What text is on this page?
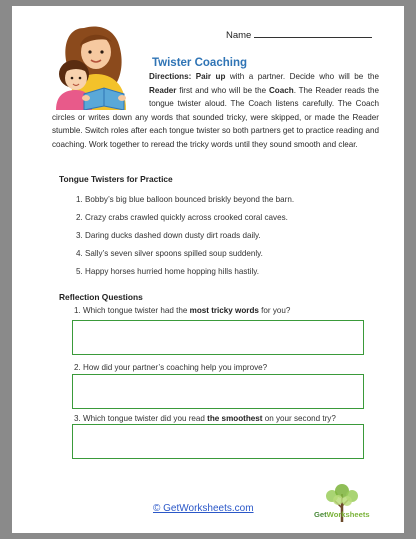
Name
Twister Coaching
Directions: Pair up with a partner. Decide who will be the Reader first and who will be the Coach. The Reader reads the tongue twister aloud. The Coach listens carefully. The Coach circles or writes down any words that sounded tricky, were skipped, or made the Reader stumble. Switch roles after each tongue twister so both partners get to practice reading and coaching. Work together to reread the tricky words until they sound smooth and clear.
Tongue Twisters for Practice
1. Bobby’s big blue balloon bounced briskly beyond the barn.
2. Crazy crabs crawled quickly across crooked coral caves.
3. Daring ducks dashed down dusty dirt roads daily.
4. Sally’s seven silver spoons spilled soup suddenly.
5. Happy horses hurried home hopping hills hastily.
Reflection Questions
1. Which tongue twister had the most tricky words for you?
2. How did your partner’s coaching help you improve?
3. Which tongue twister did you read the smoothest on your second try?
© GetWorksheets.com
GetWorksheets
